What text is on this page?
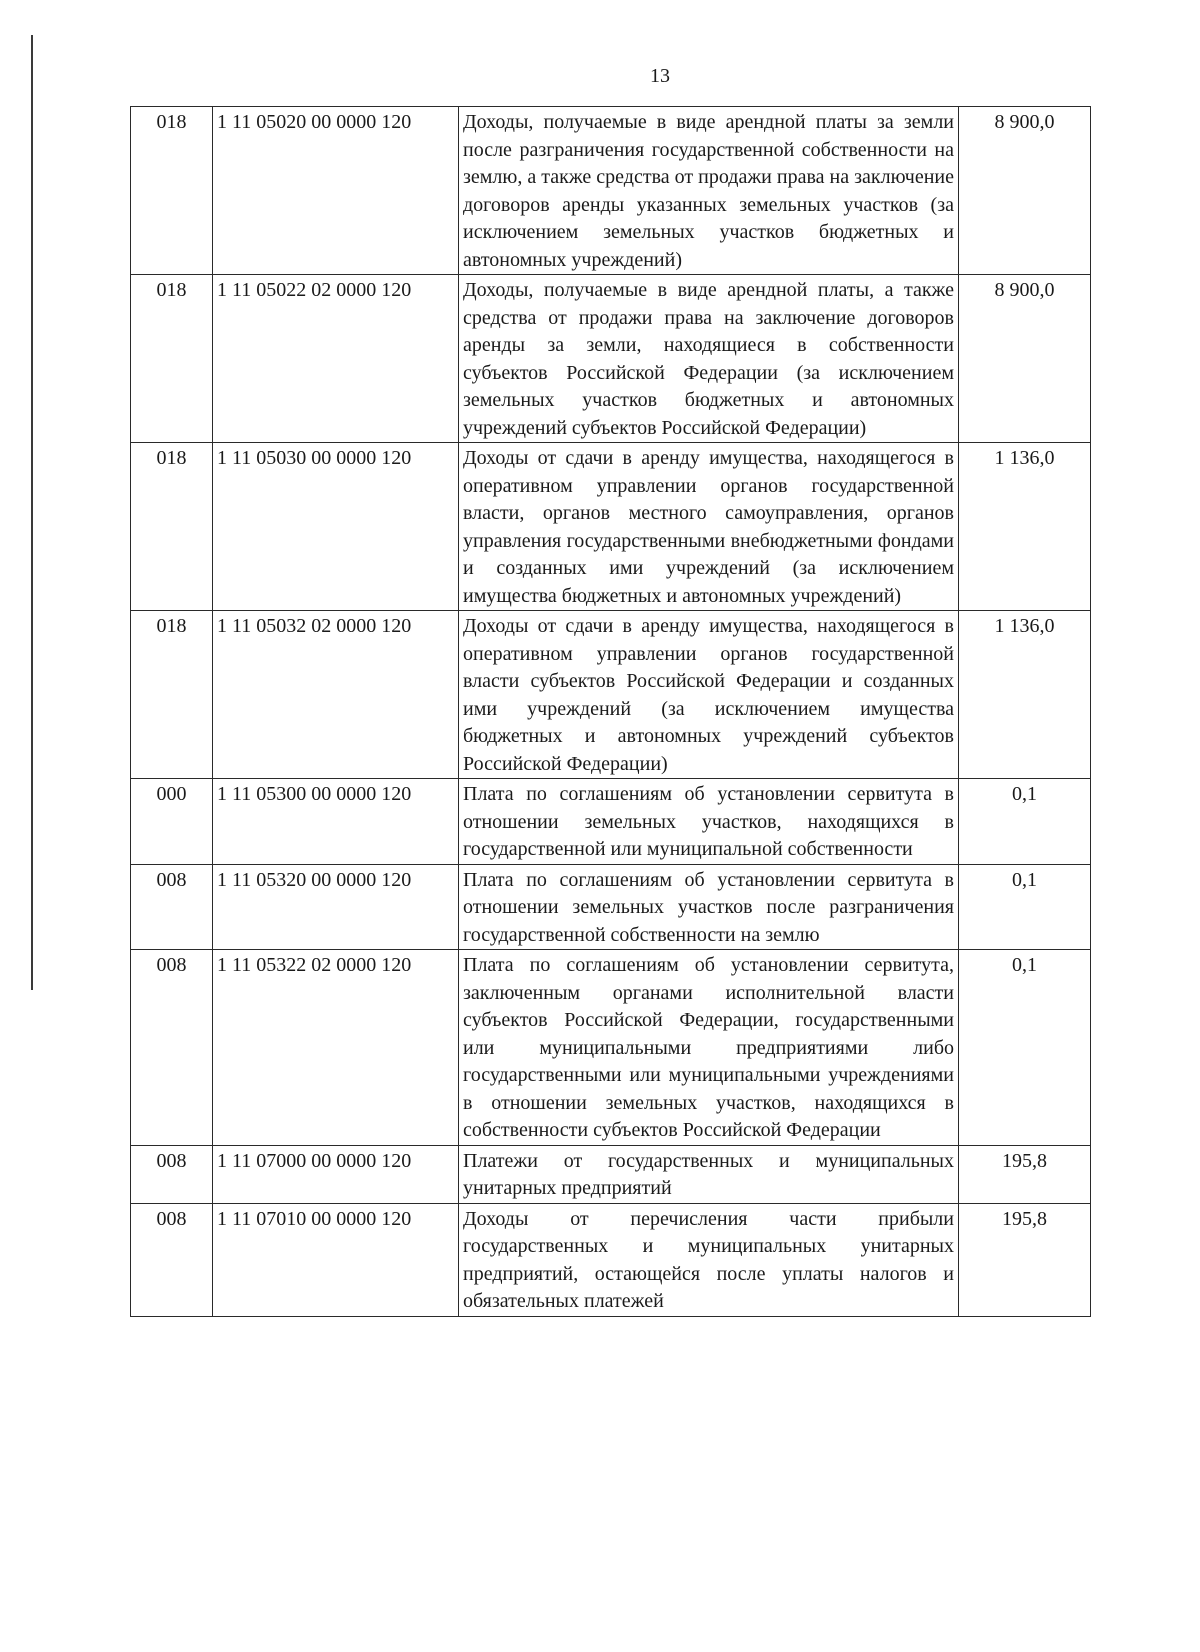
13
018	1 11 05020 00 0000 120	Доходы, получаемые в виде арендной платы за земли после разграничения государственной собственности на землю, а также средства от продажи права на заключение договоров аренды указанных земельных участков (за исключением земельных участков бюджетных и автономных учреждений)	8 900,0
018	1 11 05022 02 0000 120	Доходы, получаемые в виде арендной платы, а также средства от продажи права на заключение договоров аренды за земли, находящиеся в собственности субъектов Российской Федерации (за исключением земельных участков бюджетных и автономных учреждений субъектов Российской Федерации)	8 900,0
018	1 11 05030 00 0000 120	Доходы от сдачи в аренду имущества, находящегося в оперативном управлении органов государственной власти, органов местного самоуправления, органов управления государственными внебюджетными фондами и созданных ими учреждений (за исключением имущества бюджетных и автономных учреждений)	1 136,0
018	1 11 05032 02 0000 120	Доходы от сдачи в аренду имущества, находящегося в оперативном управлении органов государственной власти субъектов Российской Федерации и созданных ими учреждений (за исключением имущества бюджетных и автономных учреждений субъектов Российской Федерации)	1 136,0
000	1 11 05300 00 0000 120	Плата по соглашениям об установлении сервитута в отношении земельных участков, находящихся в государственной или муниципальной собственности	0,1
008	1 11 05320 00 0000 120	Плата по соглашениям об установлении сервитута в отношении земельных участков после разграничения государственной собственности на землю	0,1
008	1 11 05322 02 0000 120	Плата по соглашениям об установлении сервитута, заключенным органами исполнительной власти субъектов Российской Федерации, государственными или муниципальными предприятиями либо государственными или муниципальными учреждениями в отношении земельных участков, находящихся в собственности субъектов Российской Федерации	0,1
008	1 11 07000 00 0000 120	Платежи от государственных и муниципальных унитарных предприятий	195,8
008	1 11 07010 00 0000 120	Доходы от перечисления части прибыли государственных и муниципальных унитарных предприятий, остающейся после уплаты налогов и обязательных платежей	195,8
